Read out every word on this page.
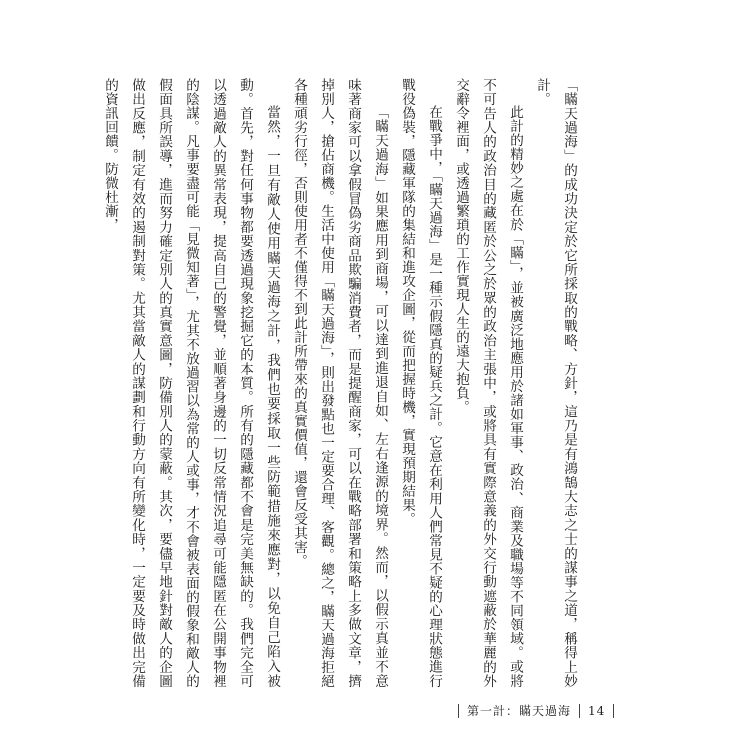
「瞞天過海」的成功決定於它所採取的戰略、方針，這乃是有鴻鵠大志之士的謀事之道，稱得上妙計。

此計的精妙之處在於「瞞」，並被廣泛地應用於諸如軍事、政治、商業及職場等不同領域。或將不可告人的政治目的藏匿於公之於眾的政治主張中，或將具有實際意義的外交行動遮蔽於華麗的外交辭令裡面，或透過繁瑣的工作實現人生的遠大抱負。

在戰爭中，「瞞天過海」是一種示假隱真的疑兵之計。它意在利用人們常見不疑的心理狀態進行戰役偽裝，隱藏軍隊的集結和進攻企圖，從而把握時機，實現預期結果。

「瞞天過海」如果應用到商場，可以達到進退自如、左右逢源的境界。然而，以假示真並不意味著商家可以拿假冒偽劣商品欺騙消費者，而是提醒商家，可以在戰略部署和策略上多做文章，擠掉別人，搶佔商機。生活中使用「瞞天過海」，則出發點也一定要合理、客觀。總之，瞞天過海拒絕各種頑劣行徑，否則使用者不僅得不到此計所帶來的真實價值，還會反受其害。

當然，一旦有敵人使用瞞天過海之計，我們也要採取一些防範措施來應對，以免自己陷入被動。首先，對任何事物都要透過現象挖掘它的本質。所有的隱藏都不會是完美無缺的。我們完全可以透過敵人的異常表現，提高自己的警覺，並順著身邊的一切反常情況追尋可能隱匿在公開事物裡的陰謀。凡事要盡可能「見微知著」，尤其不放過習以為常的人或事，才不會被表面的假象和敵人的假面具所誤導，進而努力確定別人的真實意圖，防備別人的蒙蔽。其次，要儘早地針對敵人的企圖做出反應，制定有效的遏制對策。尤其當敵人的謀劃和行動方向有所變化時，一定要及時做出完備的資訊回饋。防微杜漸，

第一計：瞞天過海 14
